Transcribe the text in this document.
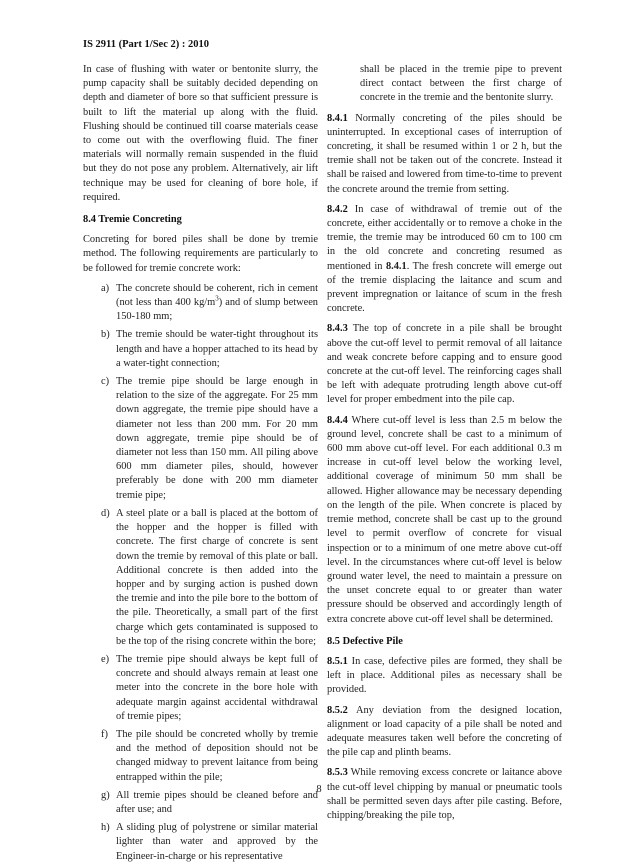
IS 2911 (Part 1/Sec 2) : 2010

In case of flushing with water or bentonite slurry, the pump capacity shall be suitably decided depending on depth and diameter of bore so that sufficient pressure is built to lift the material up along with the fluid. Flushing should be continued till coarse materials cease to come out with the overflowing fluid. The finer materials will normally remain suspended in the fluid but they do not pose any problem. Alternatively, air lift technique may be used for cleaning of bore hole, if required.

8.4 Tremie Concreting

Concreting for bored piles shall be done by tremie method. The following requirements are particularly to be followed for tremie concrete work:

a) The concrete should be coherent, rich in cement (not less than 400 $kg/m^3$) and of slump between 150-180 mm;
b) The tremie should be water-tight throughout its length and have a hopper attached to its head by a water-tight connection;
c) The tremie pipe should be large enough in relation to the size of the aggregate. For 25 mm down aggregate, the tremie pipe should have a diameter not less than 200 mm. For 20 mm down aggregate, tremie pipe should be of diameter not less than 150 mm. All piling above 600 mm diameter piles, should, however preferably be done with 200 mm diameter tremie pipe;
d) A steel plate or a ball is placed at the bottom of the hopper and the hopper is filled with concrete. The first charge of concrete is sent down the tremie by removal of this plate or ball. Additional concrete is then added into the hopper and by surging action is pushed down the tremie and into the pile bore to the bottom of the pile. Theoretically, a small part of the first charge which gets contaminated is supposed to be the top of the rising concrete within the bore;
e) The tremie pipe should always be kept full of concrete and should always remain at least one meter into the concrete in the bore hole with adequate margin against accidental withdrawal of tremie pipes;
f) The pile should be concreted wholly by tremie and the method of deposition should not be changed midway to prevent laitance from being entrapped within the pile;
g) All tremie pipes should be cleaned before and after use; and
h) A sliding plug of polystrene or similar material lighter than water and approved by the Engineer-in-charge or his representative

shall be placed in the tremie pipe to prevent direct contact between the first charge of concrete in the tremie and the bentonite slurry.

8.4.1 Normally concreting of the piles should be uninterrupted. In exceptional cases of interruption of concreting, it shall be resumed within 1 or 2 h, but the tremie shall not be taken out of the concrete. Instead it shall be raised and lowered from time-to-time to prevent the concrete around the tremie from setting.

8.4.2 In case of withdrawal of tremie out of the concrete, either accidentally or to remove a choke in the tremie, the tremie may be introduced 60 cm to 100 cm in the old concrete and concreting resumed as mentioned in 8.4.1. The fresh concrete will emerge out of the tremie displacing the laitance and scum and prevent impregnation or laitance of scum in the fresh concrete.

8.4.3 The top of concrete in a pile shall be brought above the cut-off level to permit removal of all laitance and weak concrete before capping and to ensure good concrete at the cut-off level. The reinforcing cages shall be left with adequate protruding length above cut-off level for proper embedment into the pile cap.

8.4.4 Where cut-off level is less than 2.5 m below the ground level, concrete shall be cast to a minimum of 600 mm above cut-off level. For each additional 0.3 m increase in cut-off level below the working level, additional coverage of minimum 50 mm shall be allowed. Higher allowance may be necessary depending on the length of the pile. When concrete is placed by tremie method, concrete shall be cast up to the ground level to permit overflow of concrete for visual inspection or to a minimum of one metre above cut-off level. In the circumstances where cut-off level is below ground water level, the need to maintain a pressure on the unset concrete equal to or greater than water pressure should be observed and accordingly length of extra concrete above cut-off level shall be determined.

8.5 Defective Pile

8.5.1 In case, defective piles are formed, they shall be left in place. Additional piles as necessary shall be provided.

8.5.2 Any deviation from the designed location, alignment or load capacity of a pile shall be noted and adequate measures taken well before the concreting of the pile cap and plinth beams.

8.5.3 While removing excess concrete or laitance above the cut-off level chipping by manual or pneumatic tools shall be permitted seven days after pile casting. Before, chipping/breaking the pile top,

8
